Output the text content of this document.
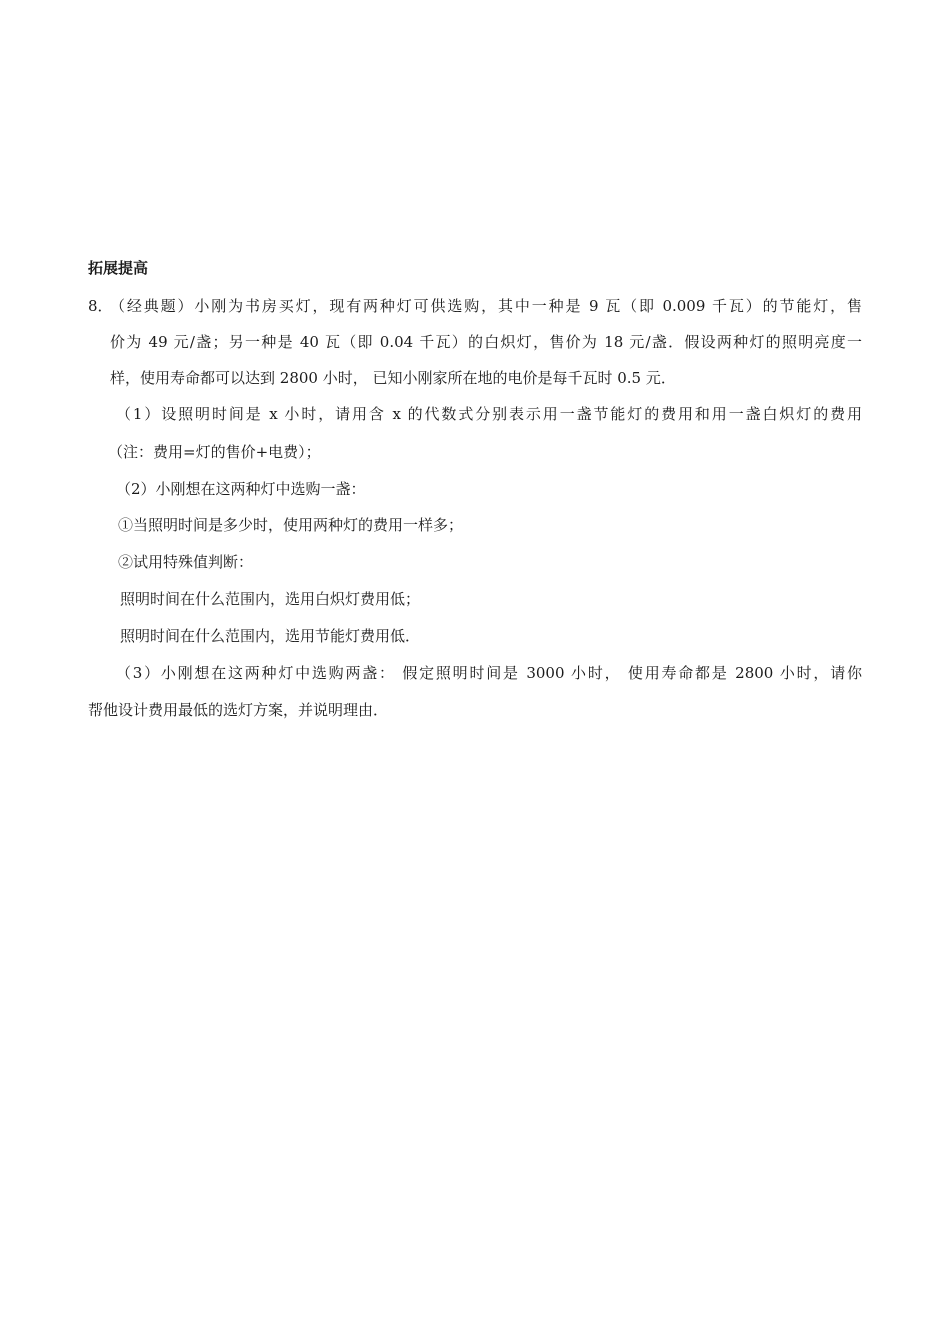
拓展提高
8．
（经典题）小刚为书房买灯，现有两种灯可供选购，其中一种是 9 瓦（即 0.009 千瓦）的节能灯，售
价为 49 元/盏；另一种是 40 瓦（即 0.04 千瓦）的白炽灯，售价为 18 元/盏．假设两种灯的照明亮度一
样，使用寿命都可以达到 2800 小时， 已知小刚家所在地的电价是每千瓦时 0.5 元．
（1）设照明时间是 x 小时，请用含 x 的代数式分别表示用一盏节能灯的费用和用一盏白炽灯的费用
（注：费用=灯的售价+电费）；
（2）小刚想在这两种灯中选购一盏：
①当照明时间是多少时，使用两种灯的费用一样多；
②试用特殊值判断：
照明时间在什么范围内，选用白炽灯费用低；
照明时间在什么范围内，选用节能灯费用低．
（3）小刚想在这两种灯中选购两盏： 假定照明时间是 3000 小时， 使用寿命都是 2800 小时，请你
帮他设计费用最低的选灯方案，并说明理由．
